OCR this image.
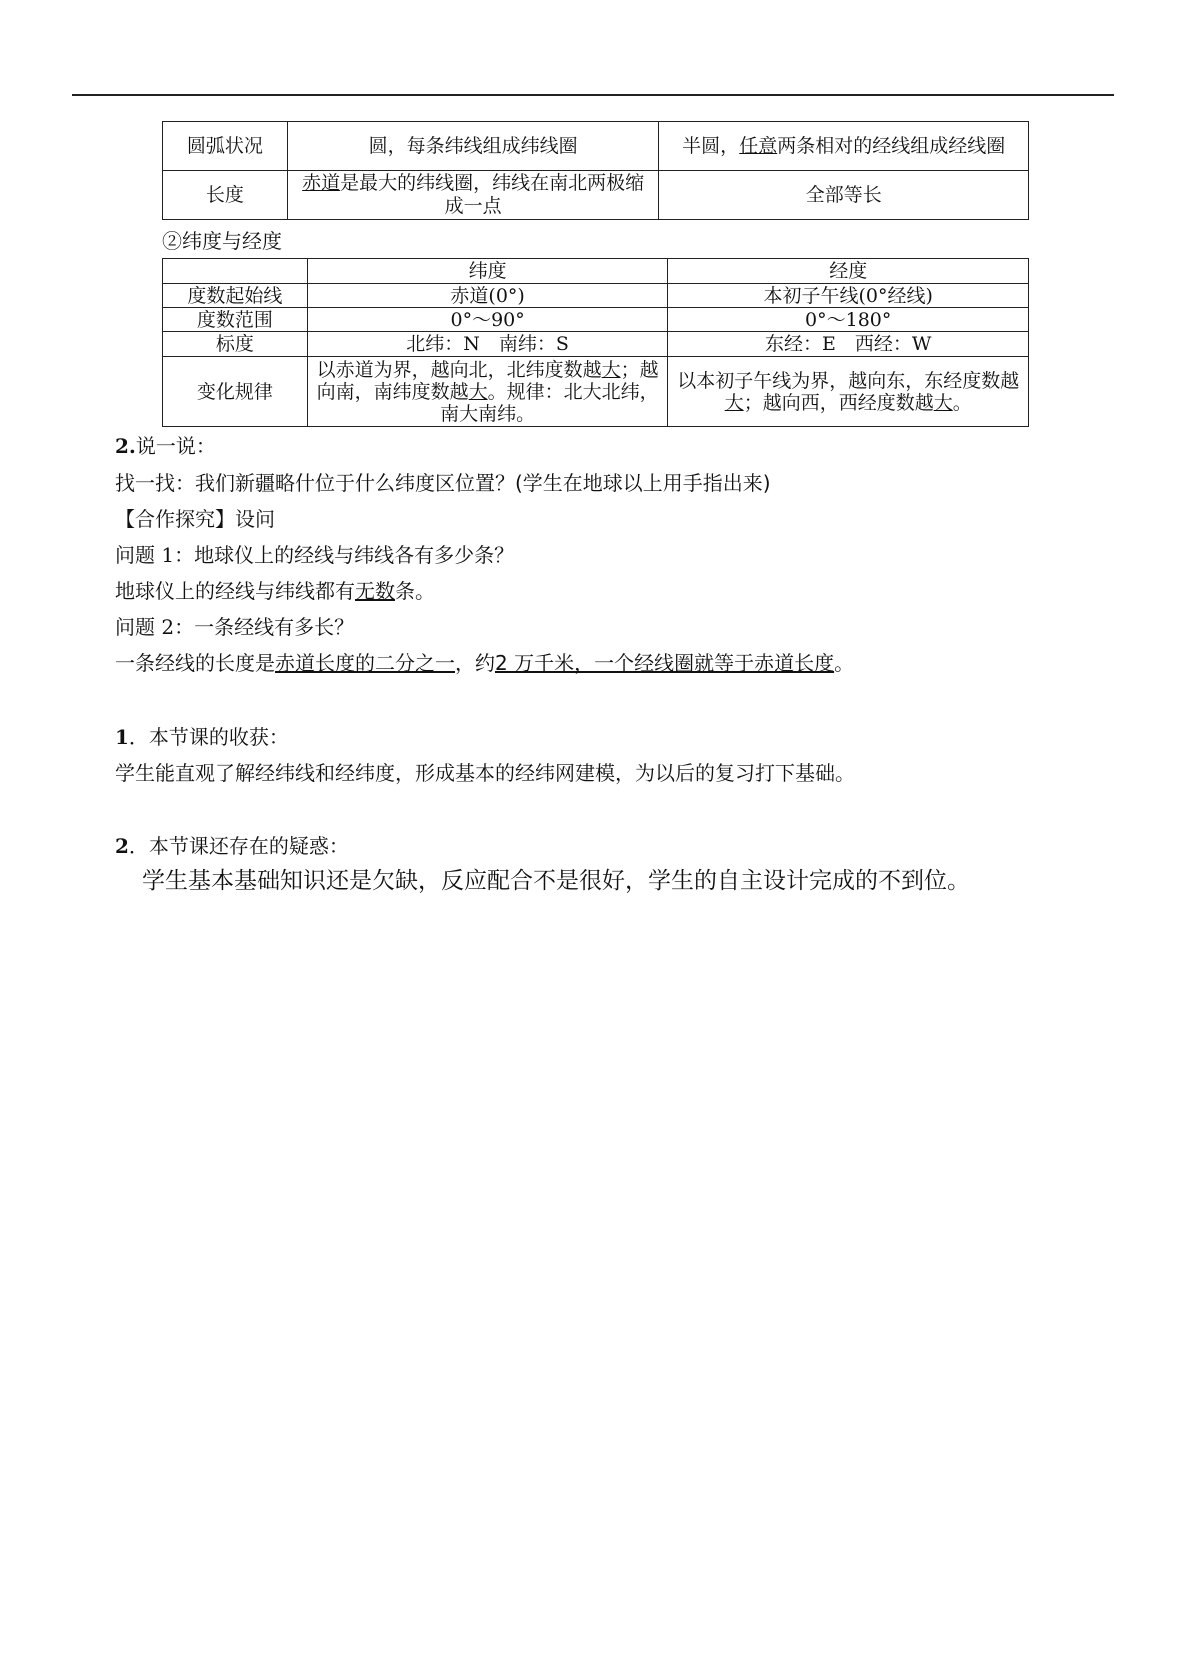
圆弧状况	圆，每条纬线组成纬线圈	半圆，任意两条相对的经线组成经线圈
长度	赤道是最大的纬线圈，纬线在南北两极缩成一点	全部等长
②纬度与经度
	纬度	经度
度数起始线	赤道(0°)	本初子午线(0°经线)
度数范围	0°～90°	0°～180°
标度	北纬：N　南纬：S	东经：E　西经：W
变化规律	以赤道为界，越向北，北纬度数越大；越向南，南纬度数越大。规律：北大北纬，南大南纬。	以本初子午线为界，越向东，东经度数越大；越向西，西经度数越大。
2.说一说：
找一找：我们新疆略什位于什么纬度区位置？(学生在地球以上用手指出来)
【合作探究】设问
问题 1：地球仪上的经线与纬线各有多少条？
地球仪上的经线与纬线都有无数条。
问题 2：一条经线有多长？
一条经线的长度是赤道长度的二分之一，约2 万千米，一个经线圈就等于赤道长度。
1．本节课的收获：
学生能直观了解经纬线和经纬度，形成基本的经纬网建模，为以后的复习打下基础。
2．本节课还存在的疑惑：
学生基本基础知识还是欠缺，反应配合不是很好，学生的自主设计完成的不到位。
